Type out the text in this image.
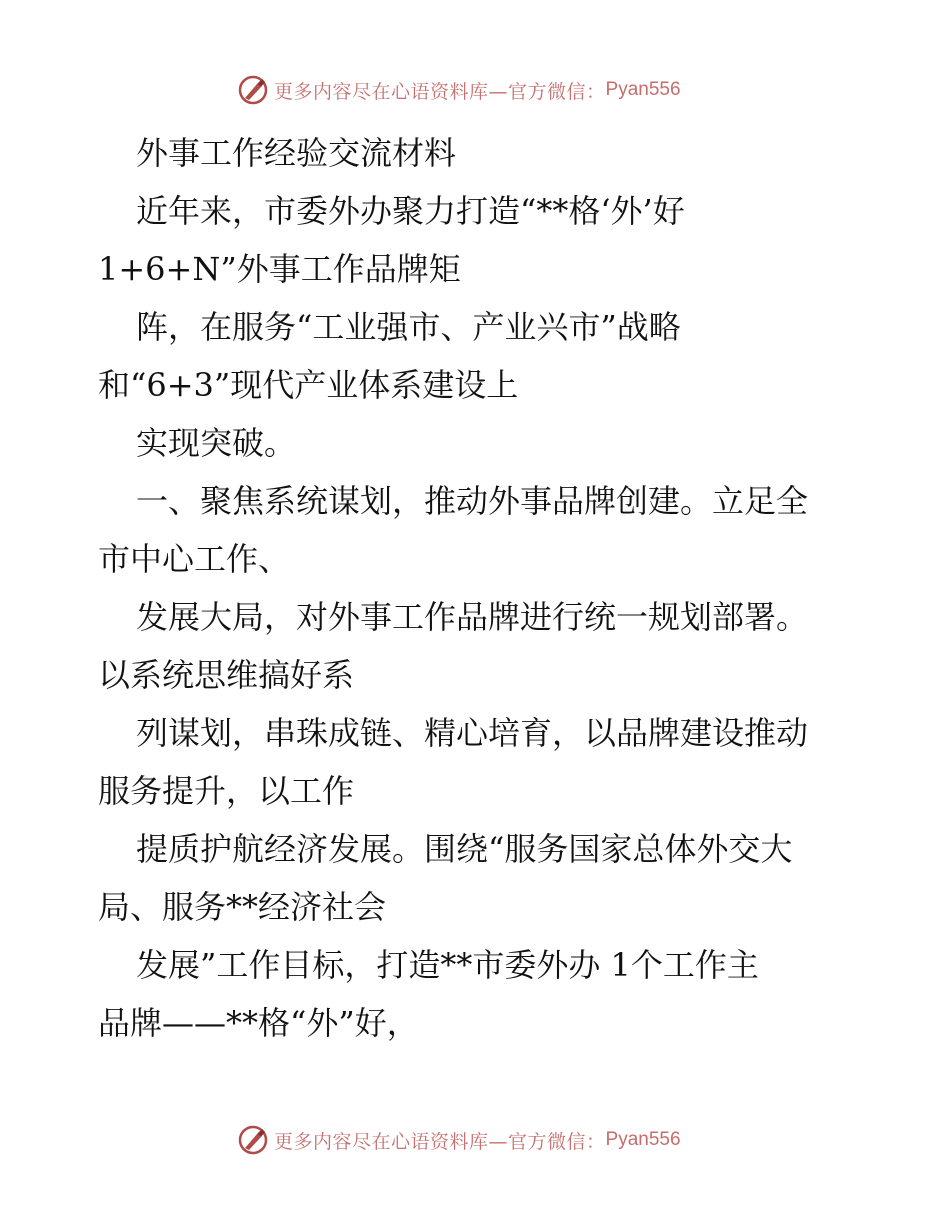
更多内容尽在心语资料库—官方微信： Pyan556
外事工作经验交流材料
近年来，市委外办聚力打造“**格‘外’好
1+6+N”外事工作品牌矩
阵，在服务“工业强市、产业兴市”战略
和“6+3”现代产业体系建设上
实现突破。
一、聚焦系统谋划，推动外事品牌创建。立足全
市中心工作、
发展大局，对外事工作品牌进行统一规划部署。
以系统思维搞好系
列谋划，串珠成链、精心培育，以品牌建设推动
服务提升，以工作
提质护航经济发展。围绕“服务国家总体外交大
局、服务**经济社会
发展”工作目标，打造**市委外办 1个工作主
品牌——**格“外”好，
更多内容尽在心语资料库—官方微信： Pyan556
